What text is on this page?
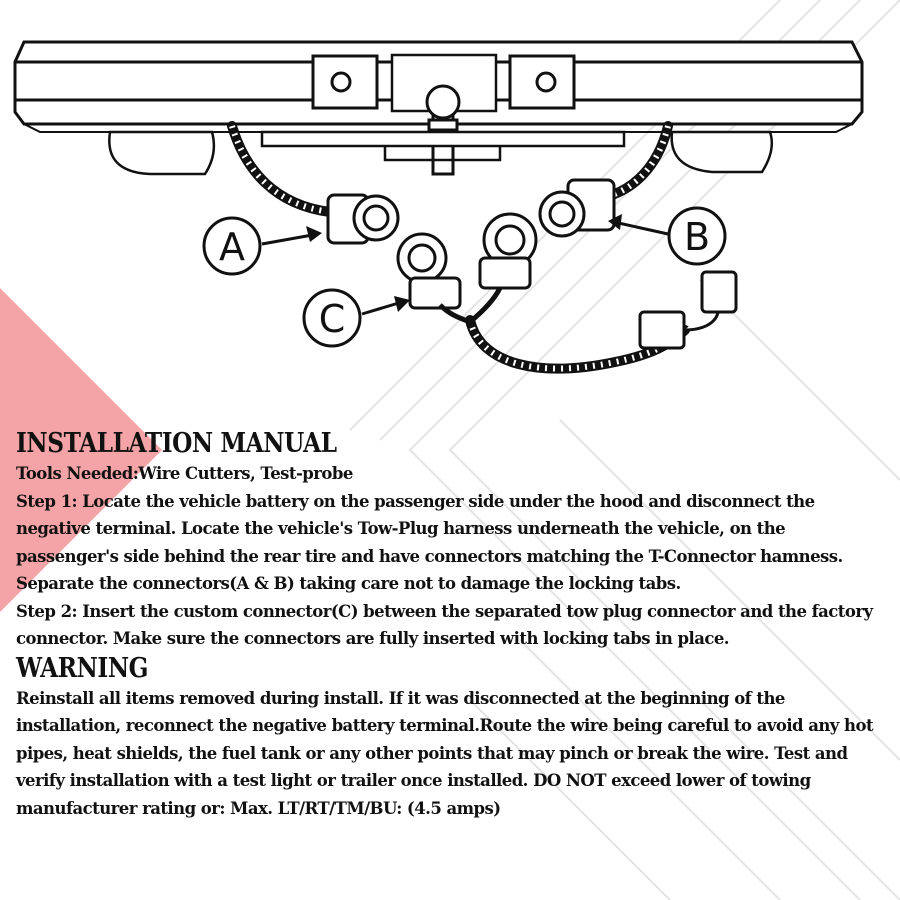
A	B
C
INSTALLATION MANUAL
Tools Needed:Wire Cutters, Test-probe
Step 1: Locate the vehicle battery on the passenger side under the hood and disconnect the negative terminal. Locate the vehicle's Tow-Plug harness underneath the vehicle, on the passenger's side behind the rear tire and have connectors matching the T-Connector hamness. Separate the connectors(A & B) taking care not to damage the locking tabs.
Step 2: Insert the custom connector(C) between the separated tow plug connector and the factory connector. Make sure the connectors are fully inserted with locking tabs in place.
WARNING
Reinstall all items removed during install. If it was disconnected at the beginning of the installation, reconnect the negative battery terminal.Route the wire being careful to avoid any hot pipes, heat shields, the fuel tank or any other points that may pinch or break the wire. Test and verify installation with a test light or trailer once installed. DO NOT exceed lower of towing manufacturer rating or: Max. LT/RT/TM/BU: (4.5 amps)
